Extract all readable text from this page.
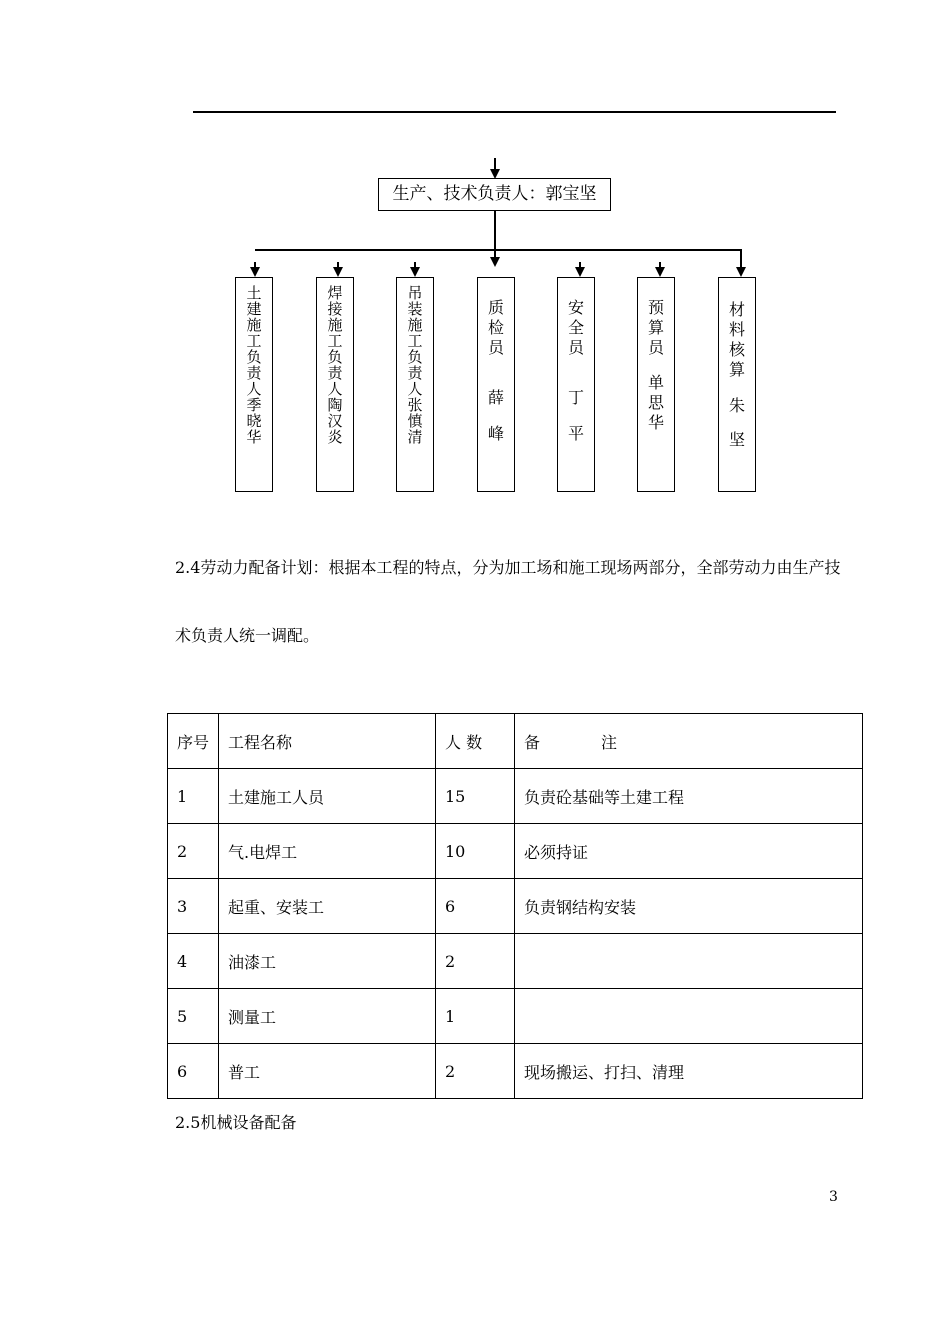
生产、技术负责人：郭宝坚
土
建
施
工
负
责
人
季
晓
华
焊
接
施
工
负
责
人
陶
汉
炎
吊
装
施
工
负
责
人
张
慎
清
质
检
员
薛
峰
安
全
员
丁
平
预
算
员
单
思
华
材
料
核
算
朱
坚
2.4劳动力配备计划：根据本工程的特点，分为加工场和施工现场两部分，全部劳动力由生产技
术负责人统一调配。
序号	工程名称	人 数	备            注
1	土建施工人员	15	负责砼基础等土建工程
2	气.电焊工	10	必须持证
3	起重、安装工	6	负责钢结构安装
4	油漆工	2	
5	测量工	1	
6	普工	2	现场搬运、打扫、清理
2.5机械设备配备
3
